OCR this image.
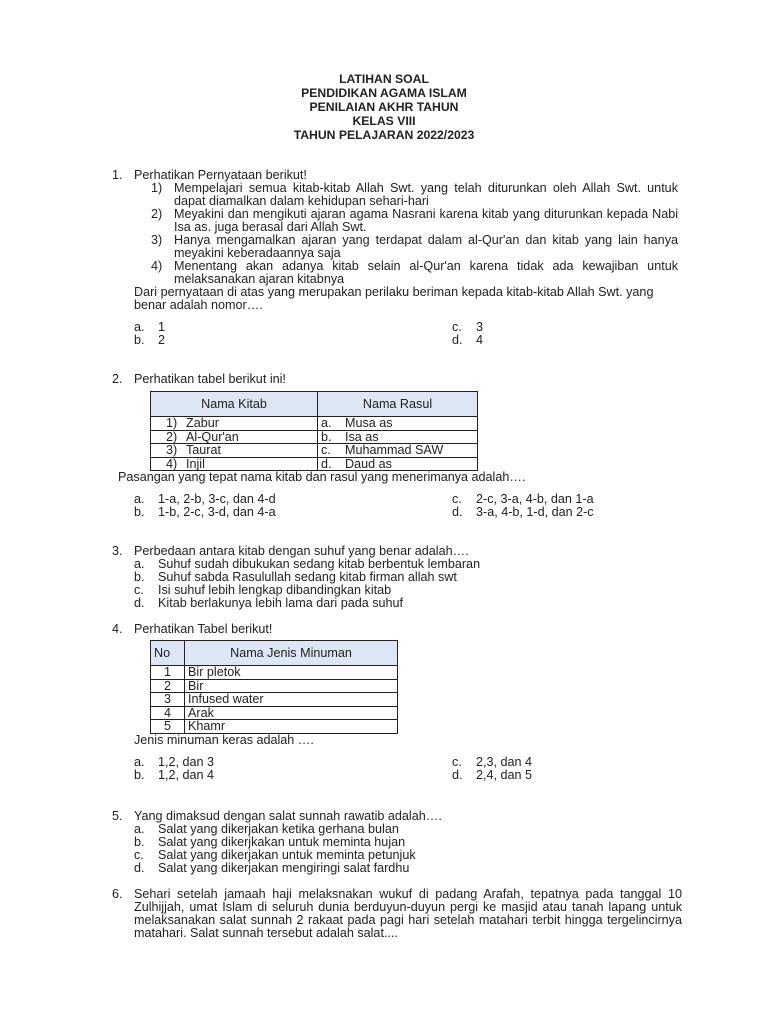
LATIHAN SOAL
PENDIDIKAN AGAMA ISLAM
PENILAIAN AKHR TAHUN
KELAS VIII
TAHUN PELAJARAN 2022/2023
1. Perhatikan Pernyataan berikut!
1) Mempelajari semua kitab-kitab Allah Swt. yang telah diturunkan oleh Allah Swt. untuk dapat diamalkan dalam kehidupan sehari-hari
2) Meyakini dan mengikuti ajaran agama Nasrani karena kitab yang diturunkan kepada Nabi Isa as. juga berasal dari Allah Swt.
3) Hanya mengamalkan ajaran yang terdapat dalam al-Qur'an dan kitab yang lain hanya meyakini keberadaannya saja
4) Menentang akan adanya kitab selain al-Qur'an karena tidak ada kewajiban untuk melaksanakan ajaran kitabnya
Dari pernyataan di atas yang merupakan perilaku beriman kepada kitab-kitab Allah Swt. yang benar adalah nomor….
a.	1	c.	3
b.	2	d.	4
2. Perhatikan tabel berikut ini!
Nama Kitab	Nama Rasul
1) Zabur	a. Musa as
2) Al-Qur'an	b. Isa as
3) Taurat	c. Muhammad SAW
4) Injil	d. Daud as
Pasangan yang tepat nama kitab dan rasul yang menerimanya adalah….
a.	1-a, 2-b, 3-c, dan 4-d	c.	2-c, 3-a, 4-b, dan 1-a
b.	1-b, 2-c, 3-d, dan 4-a	d.	3-a, 4-b, 1-d, dan 2-c
3. Perbedaan antara kitab dengan suhuf yang benar adalah….
a.	Suhuf sudah dibukukan sedang kitab berbentuk lembaran
b.	Suhuf sabda Rasulullah sedang kitab firman allah swt
c.	Isi suhuf lebih lengkap dibandingkan kitab
d.	Kitab berlakunya lebih lama dari pada suhuf
4. Perhatikan Tabel berikut!
No	Nama Jenis Minuman
1	Bir pletok
2	Bir
3	Infused water
4	Arak
5	Khamr
Jenis minuman keras adalah ….
a.	1,2, dan 3	c.	2,3, dan 4
b.	1,2, dan 4	d.	2,4, dan 5
5. Yang dimaksud dengan salat sunnah rawatib adalah….
a.	Salat yang dikerjakan ketika gerhana bulan
b.	Salat yang dikerjkakan untuk meminta hujan
c.	Salat yang dikerjakan untuk meminta petunjuk
d.	Salat yang dikerjakan mengiringi salat fardhu
6. Sehari setelah jamaah haji melaksnakan wukuf di padang Arafah, tepatnya pada tanggal 10 Zulhijjah, umat Islam di seluruh dunia berduyun-duyun pergi ke masjid atau tanah lapang untuk melaksanakan salat sunnah 2 rakaat pada pagi hari setelah matahari terbit hingga tergelincirnya matahari. Salat sunnah tersebut adalah salat....
